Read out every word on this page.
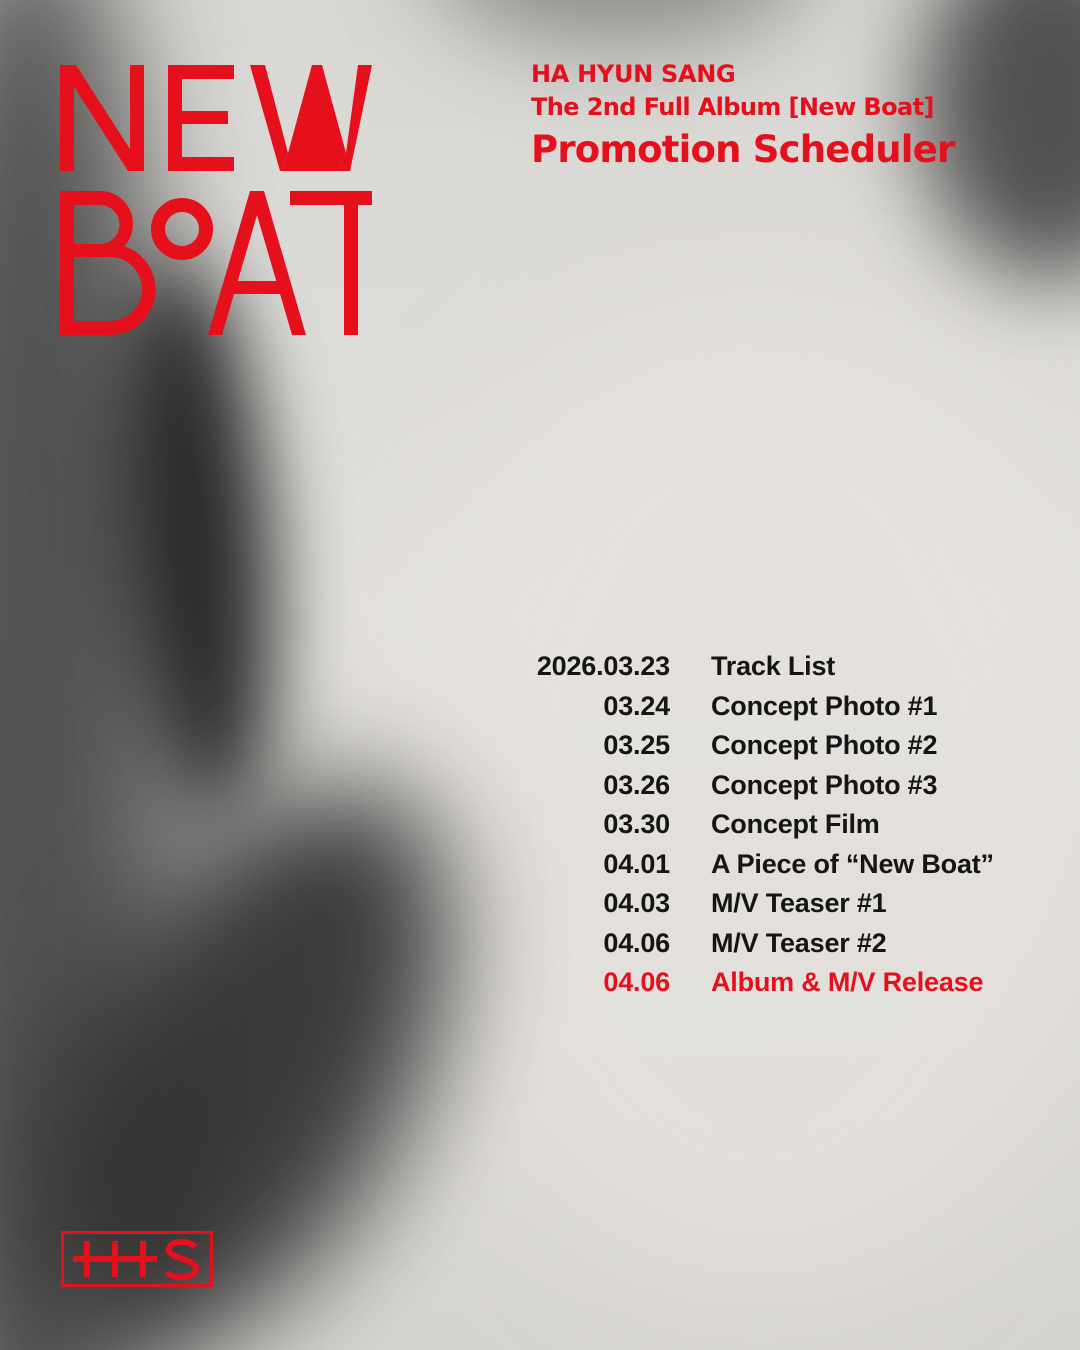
HA HYUN SANG
The 2nd Full Album [New Boat]
Promotion Scheduler
2026.03.23 Track List
03.24 Concept Photo #1
03.25 Concept Photo #2
03.26 Concept Photo #3
03.30 Concept Film
04.01 A Piece of “New Boat”
04.03 M/V Teaser #1
04.06 M/V Teaser #2
04.06 Album & M/V Release
